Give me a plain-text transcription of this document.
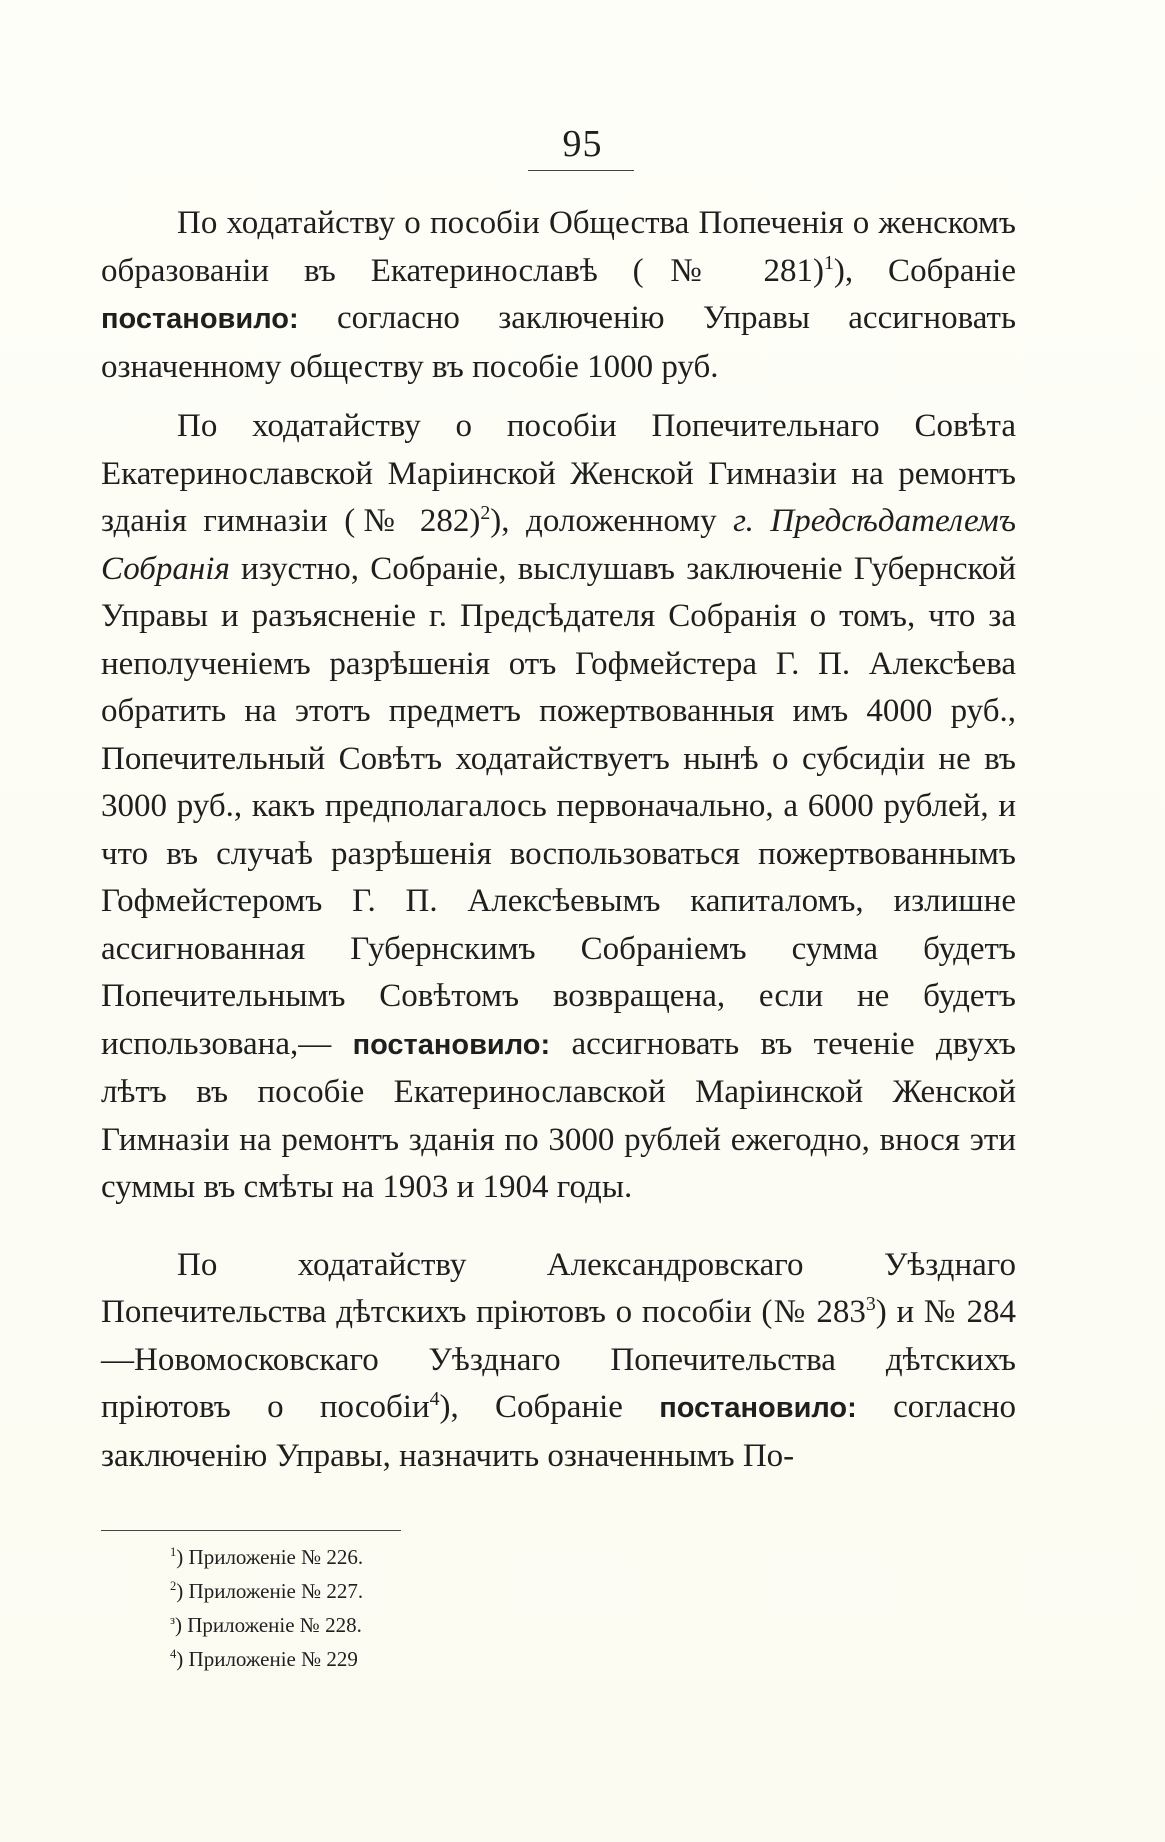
95

По ходатайству о пособіи Общества Попеченія о женскомъ образованіи въ Екатеринославѣ (№ 281)$^1$), Собраніе постановило: согласно заключенію Управы ассигновать означенному обществу въ пособіе 1000 руб.

По ходатайству о пособіи Попечительнаго Совѣта Екатеринославской Маріинской Женской Гимназіи на ремонтъ зданія гимназіи (№ 282)$^2$), доложенному г. Предсѣдателемъ Собранія изустно, Собраніе, выслушавъ заключеніе Губернской Управы и разъясненіе г. Предсѣдателя Собранія о томъ, что за неполученіемъ разрѣшенія отъ Гофмейстера Г. П. Алексѣева обратить на этотъ предметъ пожертвованныя имъ 4000 руб., Попечительный Совѣтъ ходатайствуетъ нынѣ о субсидіи не въ 3000 руб., какъ предполагалось первоначально, а 6000 рублей, и что въ случаѣ разрѣшенія воспользоваться пожертвованнымъ Гофмейстеромъ Г. П. Алексѣевымъ капиталомъ, излишне ассигнованная Губернскимъ Собраніемъ сумма будетъ Попечительнымъ Совѣтомъ возвращена, если не будетъ использована,— постановило: ассигновать въ теченіе двухъ лѣтъ въ пособіе Екатеринославской Маріинской Женской Гимназіи на ремонтъ зданія по 3000 рублей ежегодно, внося эти суммы въ смѣты на 1903 и 1904 годы.

По ходатайству Александровскаго Уѣзднаго Попечительства дѣтскихъ пріютовъ о пособіи (№ $283^3$) и № 284—Новомосковскаго Уѣзднаго Попечительства дѣтскихъ пріютовъ о пособіи$^4$), Собраніе постановило: согласно заключенію Управы, назначить означеннымъ По-

$^1$) Приложеніе № 226.
$^2$) Приложеніе № 227.
$^з$) Приложеніе № 228.
$^4$) Приложеніе № 229
